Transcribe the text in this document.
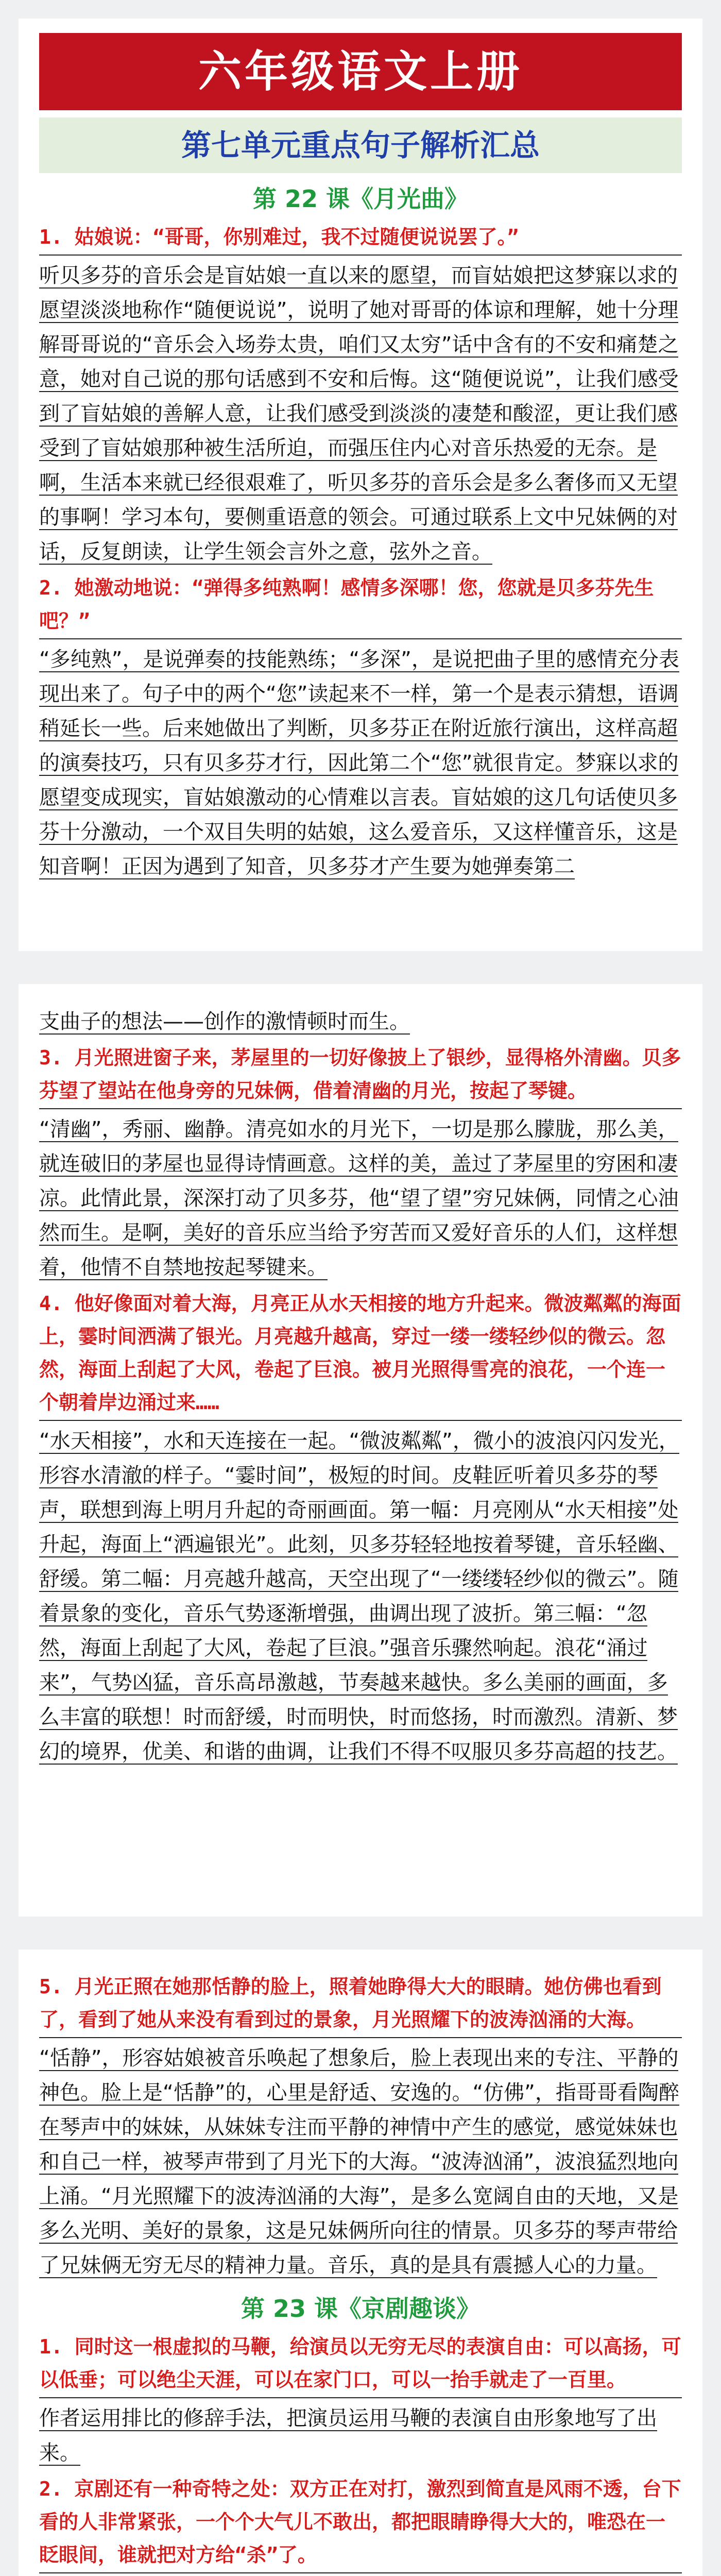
六年级语文上册
第七单元重点句子解析汇总
第 22 课《月光曲》
1. 姑娘说：“哥哥，你别难过，我不过随便说说罢了。”
听贝多芬的音乐会是盲姑娘一直以来的愿望，而盲姑娘把这梦寐以求的愿望淡淡地称作“随便说说”，说明了她对哥哥的体谅和理解，她十分理解哥哥说的“音乐会入场券太贵，咱们又太穷”话中含有的不安和痛楚之意，她对自己说的那句话感到不安和后悔。这“随便说说”，让我们感受到了盲姑娘的善解人意，让我们感受到淡淡的凄楚和酸涩，更让我们感受到了盲姑娘那种被生活所迫，而强压住内心对音乐热爱的无奈。是啊，生活本来就已经很艰难了，听贝多芬的音乐会是多么奢侈而又无望的事啊！学习本句，要侧重语意的领会。可通过联系上文中兄妹俩的对话，反复朗读，让学生领会言外之意，弦外之音。
2. 她激动地说：“弹得多纯熟啊！感情多深哪！您，您就是贝多芬先生吧？”
“多纯熟”，是说弹奏的技能熟练；“多深”，是说把曲子里的感情充分表现出来了。句子中的两个“您”读起来不一样，第一个是表示猜想，语调稍延长一些。后来她做出了判断，贝多芬正在附近旅行演出，这样高超的演奏技巧，只有贝多芬才行，因此第二个“您”就很肯定。梦寐以求的愿望变成现实，盲姑娘激动的心情难以言表。盲姑娘的这几句话使贝多芬十分激动，一个双目失明的姑娘，这么爱音乐，又这样懂音乐，这是知音啊！正因为遇到了知音，贝多芬才产生要为她弹奏第二
支曲子的想法——创作的激情顿时而生。
3. 月光照进窗子来，茅屋里的一切好像披上了银纱，显得格外清幽。贝多芬望了望站在他身旁的兄妹俩，借着清幽的月光，按起了琴键。
“清幽”，秀丽、幽静。清亮如水的月光下，一切是那么朦胧，那么美，就连破旧的茅屋也显得诗情画意。这样的美，盖过了茅屋里的穷困和凄凉。此情此景，深深打动了贝多芬，他“望了望”穷兄妹俩，同情之心油然而生。是啊，美好的音乐应当给予穷苦而又爱好音乐的人们，这样想着，他情不自禁地按起琴键来。
4. 他好像面对着大海，月亮正从水天相接的地方升起来。微波粼粼的海面上，霎时间洒满了银光。月亮越升越高，穿过一缕一缕轻纱似的微云。忽然，海面上刮起了大风，卷起了巨浪。被月光照得雪亮的浪花，一个连一个朝着岸边涌过来……
“水天相接”，水和天连接在一起。“微波粼粼”，微小的波浪闪闪发光，形容水清澈的样子。“霎时间”，极短的时间。皮鞋匠听着贝多芬的琴声，联想到海上明月升起的奇丽画面。第一幅：月亮刚从“水天相接”处升起，海面上“洒遍银光”。此刻，贝多芬轻轻地按着琴键，音乐轻幽、舒缓。第二幅：月亮越升越高，天空出现了“一缕缕轻纱似的微云”。随着景象的变化，音乐气势逐渐增强，曲调出现了波折。第三幅：“忽然，海面上刮起了大风，卷起了巨浪。”强音乐骤然响起。浪花“涌过来”，气势凶猛，音乐高昂激越，节奏越来越快。多么美丽的画面，多么丰富的联想！时而舒缓，时而明快，时而悠扬，时而激烈。清新、梦幻的境界，优美、和谐的曲调，让我们不得不叹服贝多芬高超的技艺。
5. 月光正照在她那恬静的脸上，照着她睁得大大的眼睛。她仿佛也看到了，看到了她从来没有看到过的景象，月光照耀下的波涛汹涌的大海。
“恬静”，形容姑娘被音乐唤起了想象后，脸上表现出来的专注、平静的神色。脸上是“恬静”的，心里是舒适、安逸的。“仿佛”，指哥哥看陶醉在琴声中的妹妹，从妹妹专注而平静的神情中产生的感觉，感觉妹妹也和自己一样，被琴声带到了月光下的大海。“波涛汹涌”，波浪猛烈地向上涌。“月光照耀下的波涛汹涌的大海”，是多么宽阔自由的天地，又是多么光明、美好的景象，这是兄妹俩所向往的情景。贝多芬的琴声带给了兄妹俩无穷无尽的精神力量。音乐，真的是具有震撼人心的力量。
第 23 课《京剧趣谈》
1. 同时这一根虚拟的马鞭，给演员以无穷无尽的表演自由：可以高扬，可以低垂；可以绝尘天涯，可以在家门口，可以一抬手就走了一百里。
作者运用排比的修辞手法，把演员运用马鞭的表演自由形象地写了出来。
2. 京剧还有一种奇特之处：双方正在对打，激烈到简直是风雨不透，台下看的人非常紧张，一个个大气儿不敢出，都把眼睛睁得大大的，唯恐在一眨眼间，谁就把对方给“杀”了。
